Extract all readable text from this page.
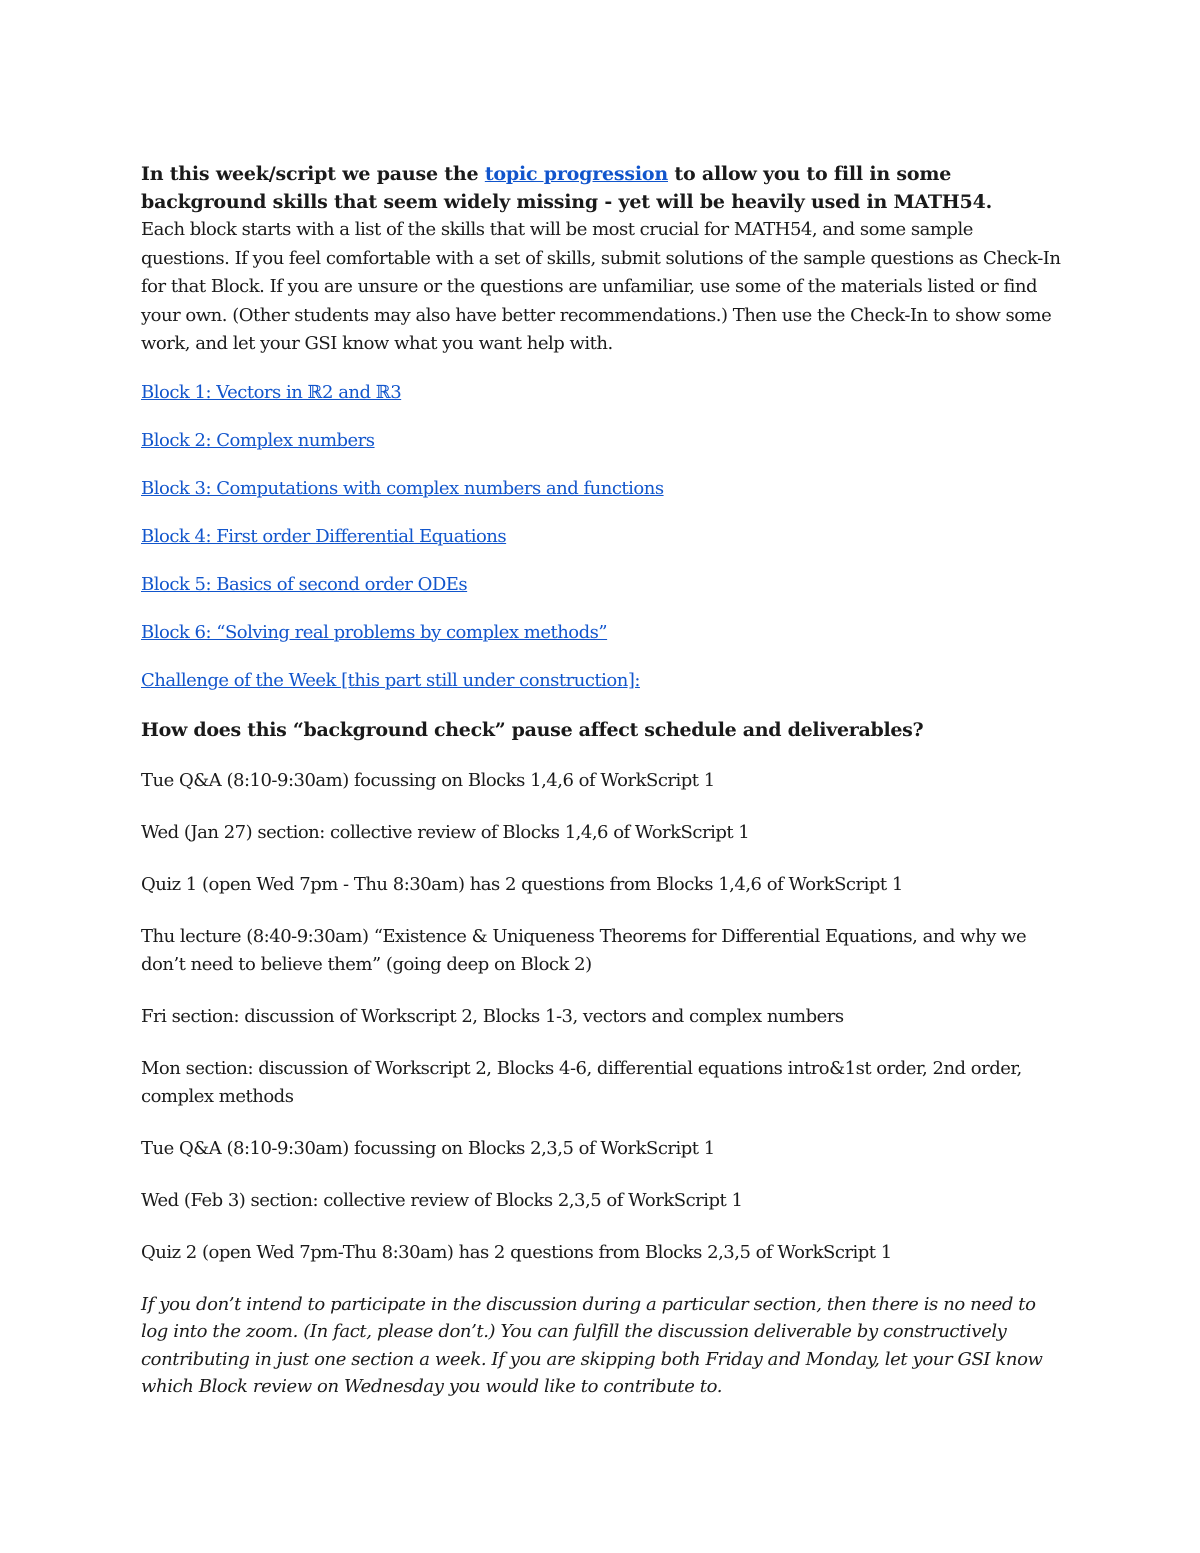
In this week/script we pause the topic progression to allow you to fill in some background skills that seem widely missing - yet will be heavily used in MATH54.

Each block starts with a list of the skills that will be most crucial for MATH54, and some sample questions. If you feel comfortable with a set of skills, submit solutions of the sample questions as Check-In for that Block. If you are unsure or the questions are unfamiliar, use some of the materials listed or find your own. (Other students may also have better recommendations.) Then use the Check-In to show some work, and let your GSI know what you want help with.

Block 1: Vectors in ℝ2 and ℝ3
Block 2: Complex numbers
Block 3: Computations with complex numbers and functions
Block 4: First order Differential Equations
Block 5: Basics of second order ODEs
Block 6: “Solving real problems by complex methods”
Challenge of the Week [this part still under construction]:
How does this “background check” pause affect schedule and deliverables?

Tue Q&A (8:10-9:30am) focussing on Blocks 1,4,6 of WorkScript 1

Wed (Jan 27) section: collective review of Blocks 1,4,6 of WorkScript 1

Quiz 1 (open Wed 7pm - Thu 8:30am) has 2 questions from Blocks 1,4,6 of WorkScript 1

Thu lecture (8:40-9:30am) “Existence & Uniqueness Theorems for Differential Equations, and why we don’t need to believe them” (going deep on Block 2)

Fri section: discussion of Workscript 2, Blocks 1-3, vectors and complex numbers

Mon section: discussion of Workscript 2, Blocks 4-6, differential equations intro&1st order, 2nd order, complex methods

Tue Q&A (8:10-9:30am) focussing on Blocks 2,3,5 of WorkScript 1

Wed (Feb 3) section: collective review of Blocks 2,3,5 of WorkScript 1

Quiz 2 (open Wed 7pm-Thu 8:30am) has 2 questions from Blocks 2,3,5 of WorkScript 1

If you don’t intend to participate in the discussion during a particular section, then there is no need to log into the zoom. (In fact, please don’t.) You can fulfill the discussion deliverable by constructively contributing in just one section a week. If you are skipping both Friday and Monday, let your GSI know which Block review on Wednesday you would like to contribute to.
